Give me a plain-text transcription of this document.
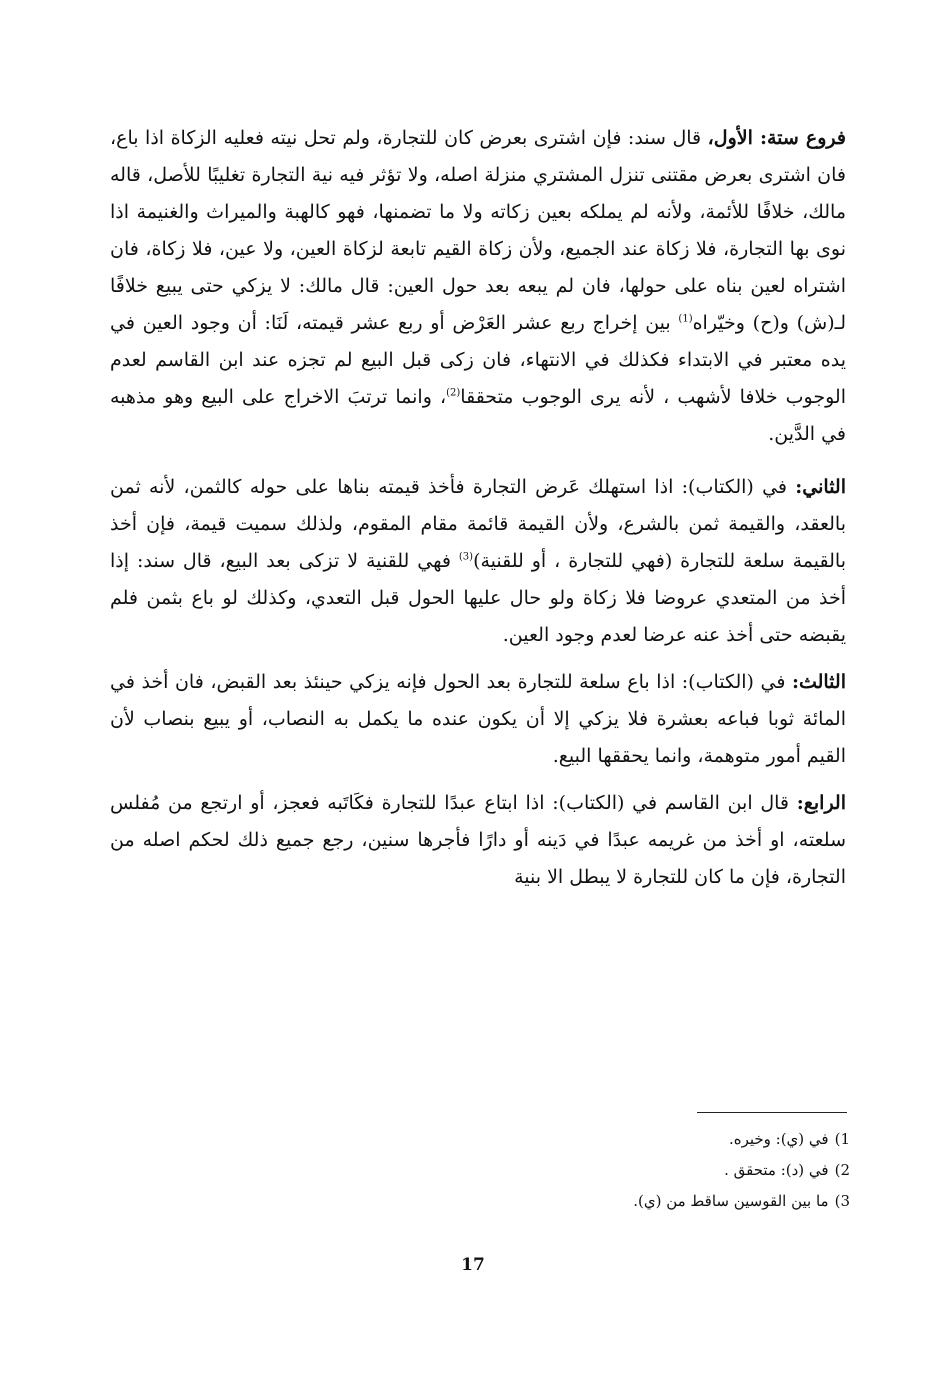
فروع ستة: الأول، قال سند: فإن اشترى بعرض كان للتجارة، ولم تحل نيته فعليه الزكاة اذا باع، فان اشترى بعرض مقتنى تنزل المشتري منزلة اصله، ولا تؤثر فيه نية التجارة تغليبًا للأصل، قاله مالك، خلافًا للأئمة، ولأنه لم يملكه بعين زكاته ولا ما تضمنها، فهو كالهبة والميراث والغنيمة اذا نوى بها التجارة، فلا زكاة عند الجميع، ولأن زكاة القيم تابعة لزكاة العين، ولا عين، فلا زكاة، فان اشتراه لعين بناه على حولها، فان لم يبعه بعد حول العين: قال مالك: لا يزكي حتى يبيع خلافًا لـ(ش) و(ح) وخيّراه$^{(1)}$ بين إخراج ربع عشر العَرْض أو ربع عشر قيمته، لَنَا: أن وجود العين في يده معتبر في الابتداء فكذلك في الانتهاء، فان زكى قبل البيع لم تجزه عند ابن القاسم لعدم الوجوب خلافا لأشهب ، لأنه يرى الوجوب متحققا$^{(2)}$، وانما ترتبَ الاخراج على البيع وهو مذهبه في الدَّين.

الثاني: في (الكتاب): اذا استهلك عَرض التجارة فأخذ قيمته بناها على حوله كالثمن، لأنه ثمن بالعقد، والقيمة ثمن بالشرع، ولأن القيمة قائمة مقام المقوم، ولذلك سميت قيمة، فإن أخذ بالقيمة سلعة للتجارة (فهي للتجارة ، أو للقنية)$^{(3)}$ فهي للقنية لا تزكى بعد البيع، قال سند: إذا أخذ من المتعدي عروضا فلا زكاة ولو حال عليها الحول قبل التعدي، وكذلك لو باع بثمن فلم يقبضه حتى أخذ عنه عرضا لعدم وجود العين.

الثالث: في (الكتاب): اذا باع سلعة للتجارة بعد الحول فإنه يزكي حينئذ بعد القبض، فان أخذ في المائة ثوبا فباعه بعشرة فلا يزكي إلا أن يكون عنده ما يكمل به النصاب، أو يبيع بنصاب لأن القيم أمور متوهمة، وانما يحققها البيع.

الرابع: قال ابن القاسم في (الكتاب): اذا ابتاع عبدًا للتجارة فكَاتَبه فعجز، أو ارتجع من مُفلس سلعته، او أخذ من غريمه عبدًا في دَينه أو دارًا فأجرها سنين، رجع جميع ذلك لحكم اصله من التجارة، فإن ما كان للتجارة لا يبطل الا بنية

1)في (ي): وخيره.
2)في (د): متحقق .
3)ما بين القوسين ساقط من (ي).
17
